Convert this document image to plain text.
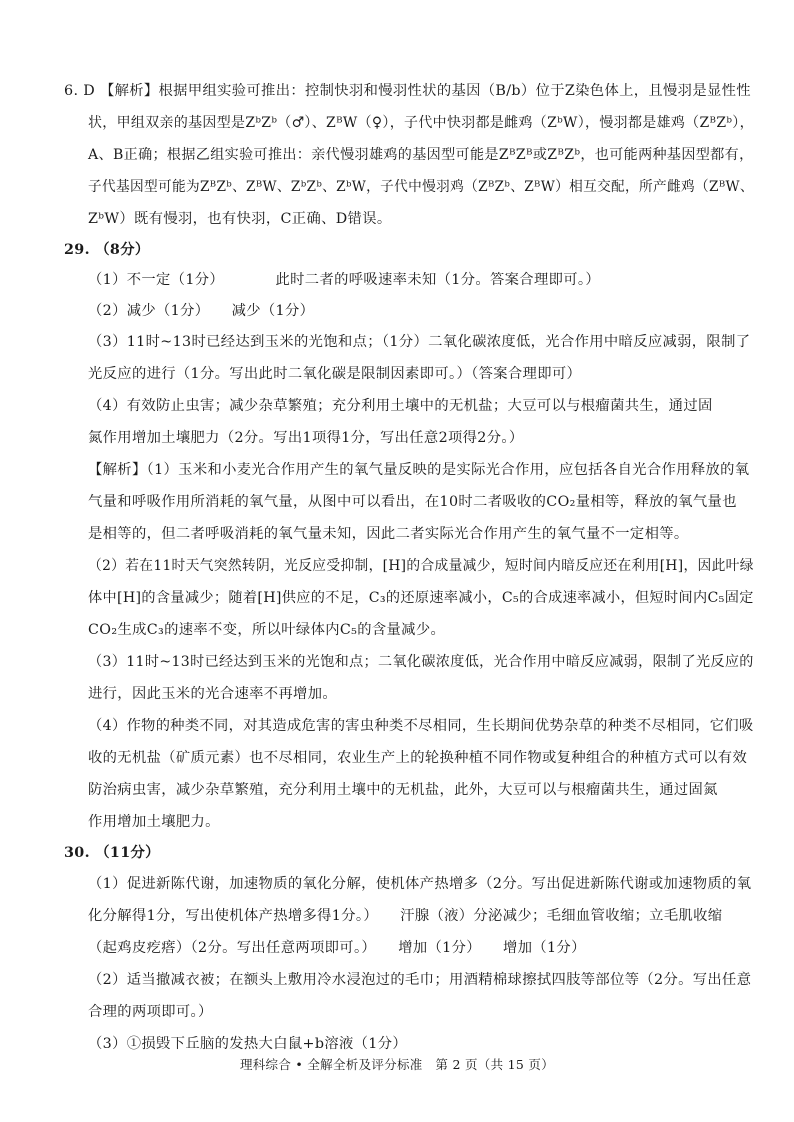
6. D 【解析】根据甲组实验可推出：控制快羽和慢羽性状的基因（B/b）位于Z染色体上，且慢羽是显性性
状，甲组双亲的基因型是ZᵇZᵇ（♂）、ZᴮW（♀），子代中快羽都是雌鸡（ZᵇW），慢羽都是雄鸡（ZᴮZᵇ），
A、B正确；根据乙组实验可推出：亲代慢羽雄鸡的基因型可能是ZᴮZᴮ或ZᴮZᵇ，也可能两种基因型都有，
子代基因型可能为ZᴮZᵇ、ZᴮW、ZᵇZᵇ、ZᵇW，子代中慢羽鸡（ZᴮZᵇ、ZᴮW）相互交配，所产雌鸡（ZᴮW、
ZᵇW）既有慢羽，也有快羽，C正确、D错误。
29. （8分）
（1）不一定（1分）　　　　此时二者的呼吸速率未知（1分。答案合理即可。）
（2）减少（1分）　　减少（1分）
（3）11时~13时已经达到玉米的光饱和点；（1分）二氧化碳浓度低，光合作用中暗反应减弱，限制了
光反应的进行（1分。写出此时二氧化碳是限制因素即可。）（答案合理即可）
（4）有效防止虫害；减少杂草繁殖；充分利用土壤中的无机盐；大豆可以与根瘤菌共生，通过固
氮作用增加土壤肥力（2分。写出1项得1分，写出任意2项得2分。）
【解析】（1）玉米和小麦光合作用产生的氧气量反映的是实际光合作用，应包括各自光合作用释放的氧
气量和呼吸作用所消耗的氧气量，从图中可以看出，在10时二者吸收的CO₂量相等，释放的氧气量也
是相等的，但二者呼吸消耗的氧气量未知，因此二者实际光合作用产生的氧气量不一定相等。
（2）若在11时天气突然转阴，光反应受抑制，[H]的合成量减少，短时间内暗反应还在利用[H]，因此叶绿
体中[H]的含量减少；随着[H]供应的不足，C₃的还原速率减小，C₅的合成速率减小，但短时间内C₅固定
CO₂生成C₃的速率不变，所以叶绿体内C₅的含量减少。
（3）11时~13时已经达到玉米的光饱和点；二氧化碳浓度低，光合作用中暗反应减弱，限制了光反应的
进行，因此玉米的光合速率不再增加。
（4）作物的种类不同，对其造成危害的害虫种类不尽相同，生长期间优势杂草的种类不尽相同，它们吸
收的无机盐（矿质元素）也不尽相同，农业生产上的轮换种植不同作物或复种组合的种植方式可以有效
防治病虫害，减少杂草繁殖，充分利用土壤中的无机盐，此外，大豆可以与根瘤菌共生，通过固氮
作用增加土壤肥力。
30. （11分）
（1）促进新陈代谢，加速物质的氧化分解，使机体产热增多（2分。写出促进新陈代谢或加速物质的氧
化分解得1分，写出使机体产热增多得1分。）　　汗腺（液）分泌减少；毛细血管收缩；立毛肌收缩
（起鸡皮疙瘩）（2分。写出任意两项即可。）　　增加（1分）　　增加（1分）
（2）适当撤减衣被；在额头上敷用冷水浸泡过的毛巾；用酒精棉球擦拭四肢等部位等（2分。写出任意
合理的两项即可。）
（3）①损毁下丘脑的发热大白鼠+b溶液（1分）
理科综合 • 全解全析及评分标准　第 2 页（共 15 页）
